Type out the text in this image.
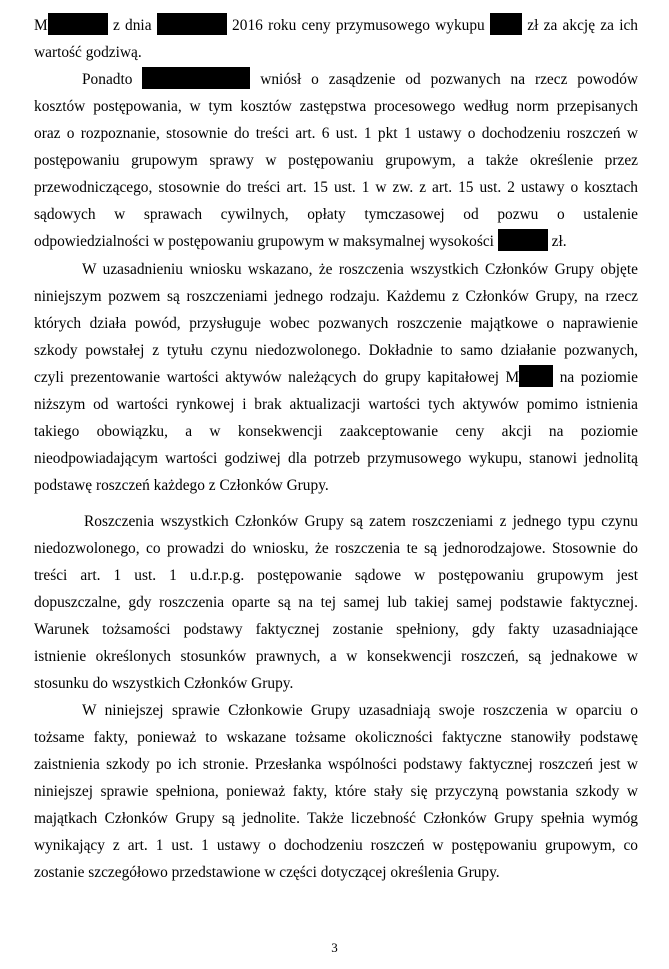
M	z dnia	2016 roku ceny przymusowego wykupu  zł za akcję za ich
wartość godziwą.
Ponadto	wniósł o zasądzenie od pozwanych na rzecz powodów
kosztów postępowania, w tym kosztów zastępstwa procesowego według norm przepisanych
oraz o rozpoznanie, stosownie do treści art. 6 ust. 1 pkt 1 ustawy o dochodzeniu roszczeń w
postępowaniu grupowym sprawy w postępowaniu grupowym, a także określenie przez
przewodniczącego, stosownie do treści art. 15 ust. 1 w zw. z art. 15 ust. 2 ustawy o kosztach
sądowych w sprawach cywilnych, opłaty tymczasowej od pozwu o ustalenie
odpowiedzialności w postępowaniu grupowym w maksymalnej wysokości	zł.
W uzasadnieniu wniosku wskazano, że roszczenia wszystkich Członków Grupy objęte
niniejszym pozwem są roszczeniami jednego rodzaju. Każdemu z Członków Grupy, na rzecz
których działa powód, przysługuje wobec pozwanych roszczenie majątkowe o naprawienie
szkody powstałej z tytułu czynu niedozwolonego. Dokładnie to samo działanie pozwanych,
czyli prezentowanie wartości aktywów należących do grupy kapitałowej M na poziomie
niższym od wartości rynkowej i brak aktualizacji wartości tych aktywów pomimo istnienia
takiego obowiązku, a w konsekwencji zaakceptowanie ceny akcji na poziomie
nieodpowiadającym wartości godziwej dla potrzeb przymusowego wykupu, stanowi jednolitą
podstawę roszczeń każdego z Członków Grupy.
Roszczenia wszystkich Członków Grupy są zatem roszczeniami z jednego typu czynu
niedozwolonego, co prowadzi do wniosku, że roszczenia te są jednorodzajowe. Stosownie do
treści art. 1 ust. 1 u.d.r.p.g. postępowanie sądowe w postępowaniu grupowym jest
dopuszczalne, gdy roszczenia oparte są na tej samej lub takiej samej podstawie faktycznej.
Warunek tożsamości podstawy faktycznej zostanie spełniony, gdy fakty uzasadniające
istnienie określonych stosunków prawnych, a w konsekwencji roszczeń, są jednakowe w
stosunku do wszystkich Członków Grupy.
W niniejszej sprawie Członkowie Grupy uzasadniają swoje roszczenia w oparciu o
tożsame fakty, ponieważ to wskazane tożsame okoliczności faktyczne stanowiły podstawę
zaistnienia szkody po ich stronie. Przesłanka wspólności podstawy faktycznej roszczeń jest w
niniejszej sprawie spełniona, ponieważ fakty, które stały się przyczyną powstania szkody w
majątkach Członków Grupy są jednolite. Także liczebność Członków Grupy spełnia wymóg
wynikający z art. 1 ust. 1 ustawy o dochodzeniu roszczeń w postępowaniu grupowym, co
zostanie szczegółowo przedstawione w części dotyczącej określenia Grupy.
3
